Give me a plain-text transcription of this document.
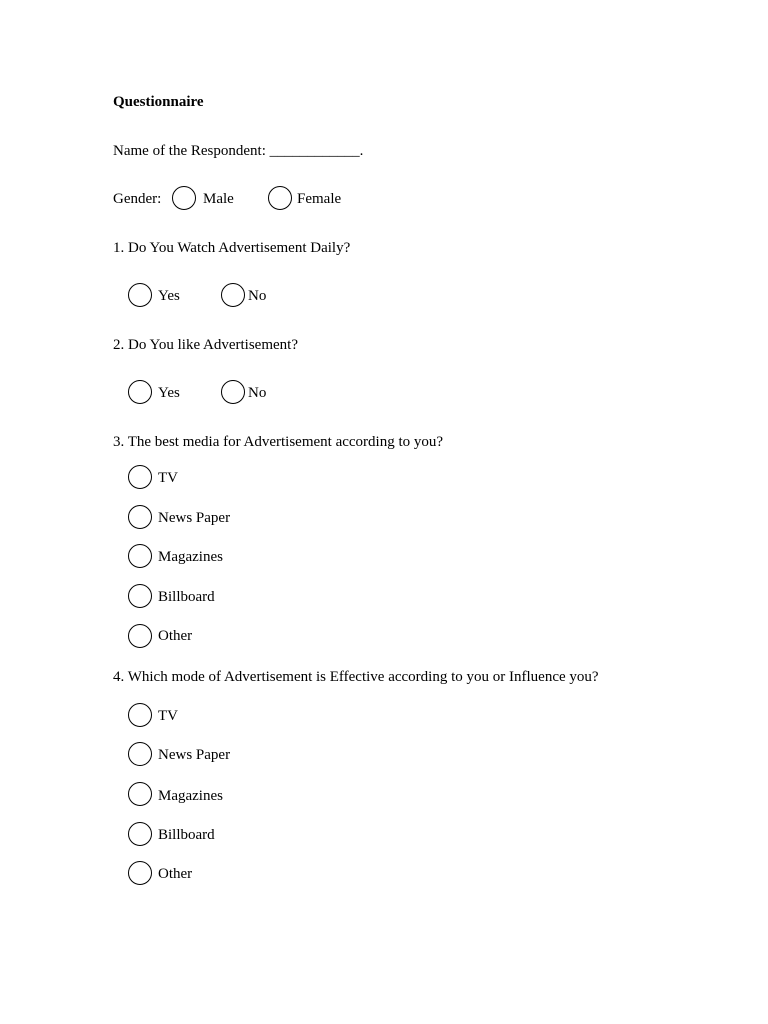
Questionnaire
Name of the Respondent: ____________.
Gender:	Male	Female
1. Do You Watch Advertisement Daily?
Yes	No
2. Do You like Advertisement?
Yes	No
3. The best media for Advertisement according to you?
TV
News Paper
Magazines
Billboard
Other
4. Which mode of Advertisement is Effective according to you or Influence you?
TV
News Paper
Magazines
Billboard
Other
